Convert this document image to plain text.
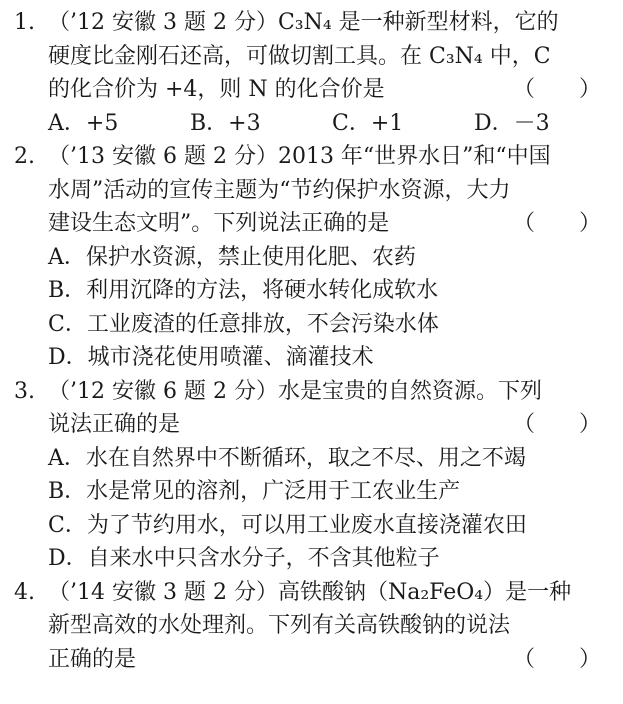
1. （’12 安徽 3 题 2 分）C₃N₄ 是一种新型材料，它的
硬度比金刚石还高，可做切割工具。在 C₃N₄ 中，C
的化合价为 +4，则 N 的化合价是	（　　）
A．+5	B．+3	C．+1	D．－3
2. （’13 安徽 6 题 2 分）2013 年“世界水日”和“中国
水周”活动的宣传主题为“节约保护水资源，大力
建设生态文明”。下列说法正确的是	（　　）
A．保护水资源，禁止使用化肥、农药
B．利用沉降的方法，将硬水转化成软水
C．工业废渣的任意排放，不会污染水体
D．城市浇花使用喷灌、滴灌技术
3. （’12 安徽 6 题 2 分）水是宝贵的自然资源。下列
说法正确的是	（　　）
A．水在自然界中不断循环，取之不尽、用之不竭
B．水是常见的溶剂，广泛用于工农业生产
C．为了节约用水，可以用工业废水直接浇灌农田
D．自来水中只含水分子，不含其他粒子
4. （’14 安徽 3 题 2 分）高铁酸钠（Na₂FeO₄）是一种
新型高效的水处理剂。下列有关高铁酸钠的说法
正确的是	（　　）
